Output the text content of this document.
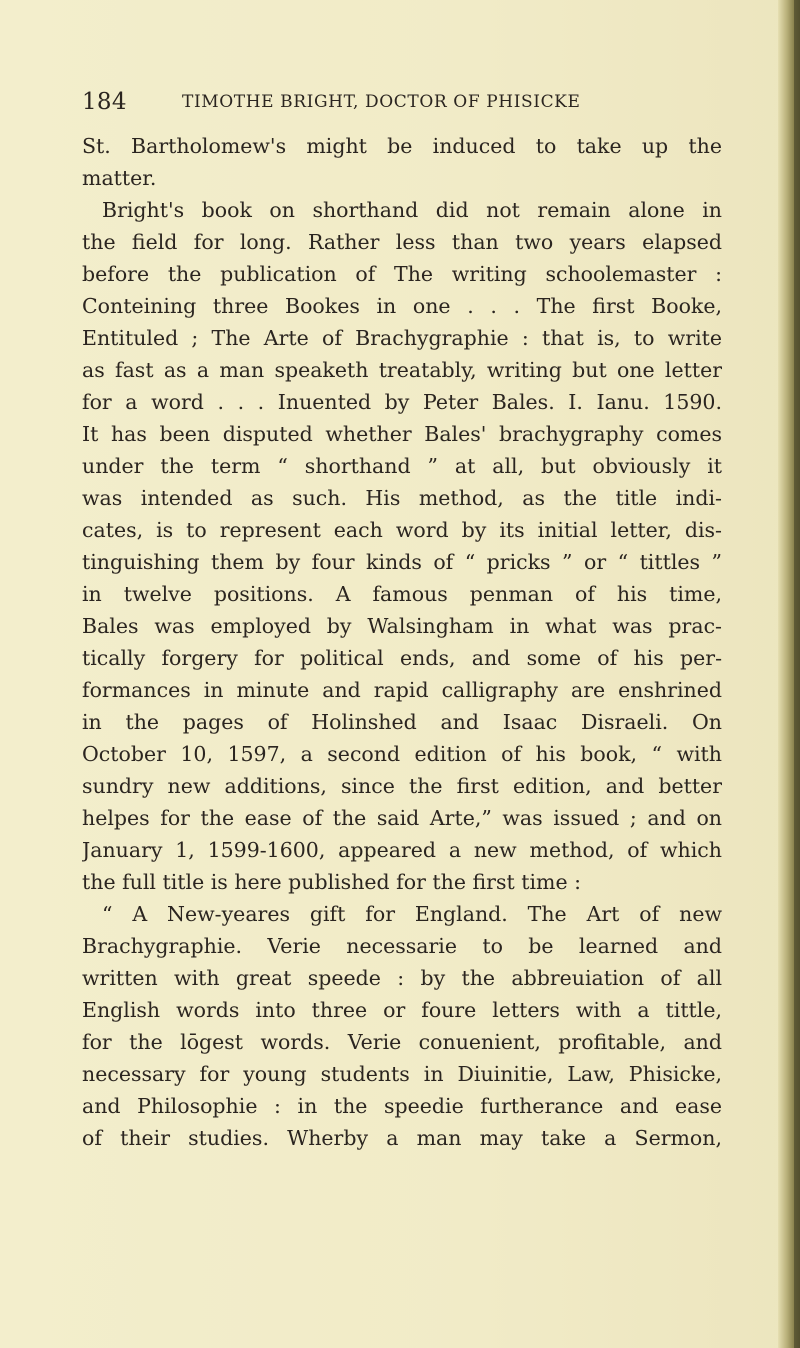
184	TIMOTHE BRIGHT, DOCTOR OF PHISICKE
St. Bartholomew's might be induced to take up the
matter.
Bright's book on shorthand did not remain alone in
the field for long. Rather less than two years elapsed
before the publication of The writing schoolemaster :
Conteining three Bookes in one . . . The first Booke,
Entituled ; The Arte of Brachygraphie : that is, to write
as fast as a man speaketh treatably, writing but one letter
for a word . . . Inuented by Peter Bales. I. Ianu. 1590.
It has been disputed whether Bales' brachygraphy comes
under the term “ shorthand ” at all, but obviously it
was intended as such. His method, as the title indi-
cates, is to represent each word by its initial letter, dis-
tinguishing them by four kinds of “ pricks ” or “ tittles ”
in twelve positions. A famous penman of his time,
Bales was employed by Walsingham in what was prac-
tically forgery for political ends, and some of his per-
formances in minute and rapid calligraphy are enshrined
in the pages of Holinshed and Isaac Disraeli. On
October 10, 1597, a second edition of his book, “ with
sundry new additions, since the first edition, and better
helpes for the ease of the said Arte,” was issued ; and on
January 1, 1599-1600, appeared a new method, of which
the full title is here published for the first time :
“ A New-yeares gift for England. The Art of new
Brachygraphie. Verie necessarie to be learned and
written with great speede : by the abbreuiation of all
English words into three or foure letters with a tittle,
for the lōgest words. Verie conuenient, profitable, and
necessary for young students in Diuinitie, Law, Phisicke,
and Philosophie : in the speedie furtherance and ease
of their studies. Wherby a man may take a Sermon,
